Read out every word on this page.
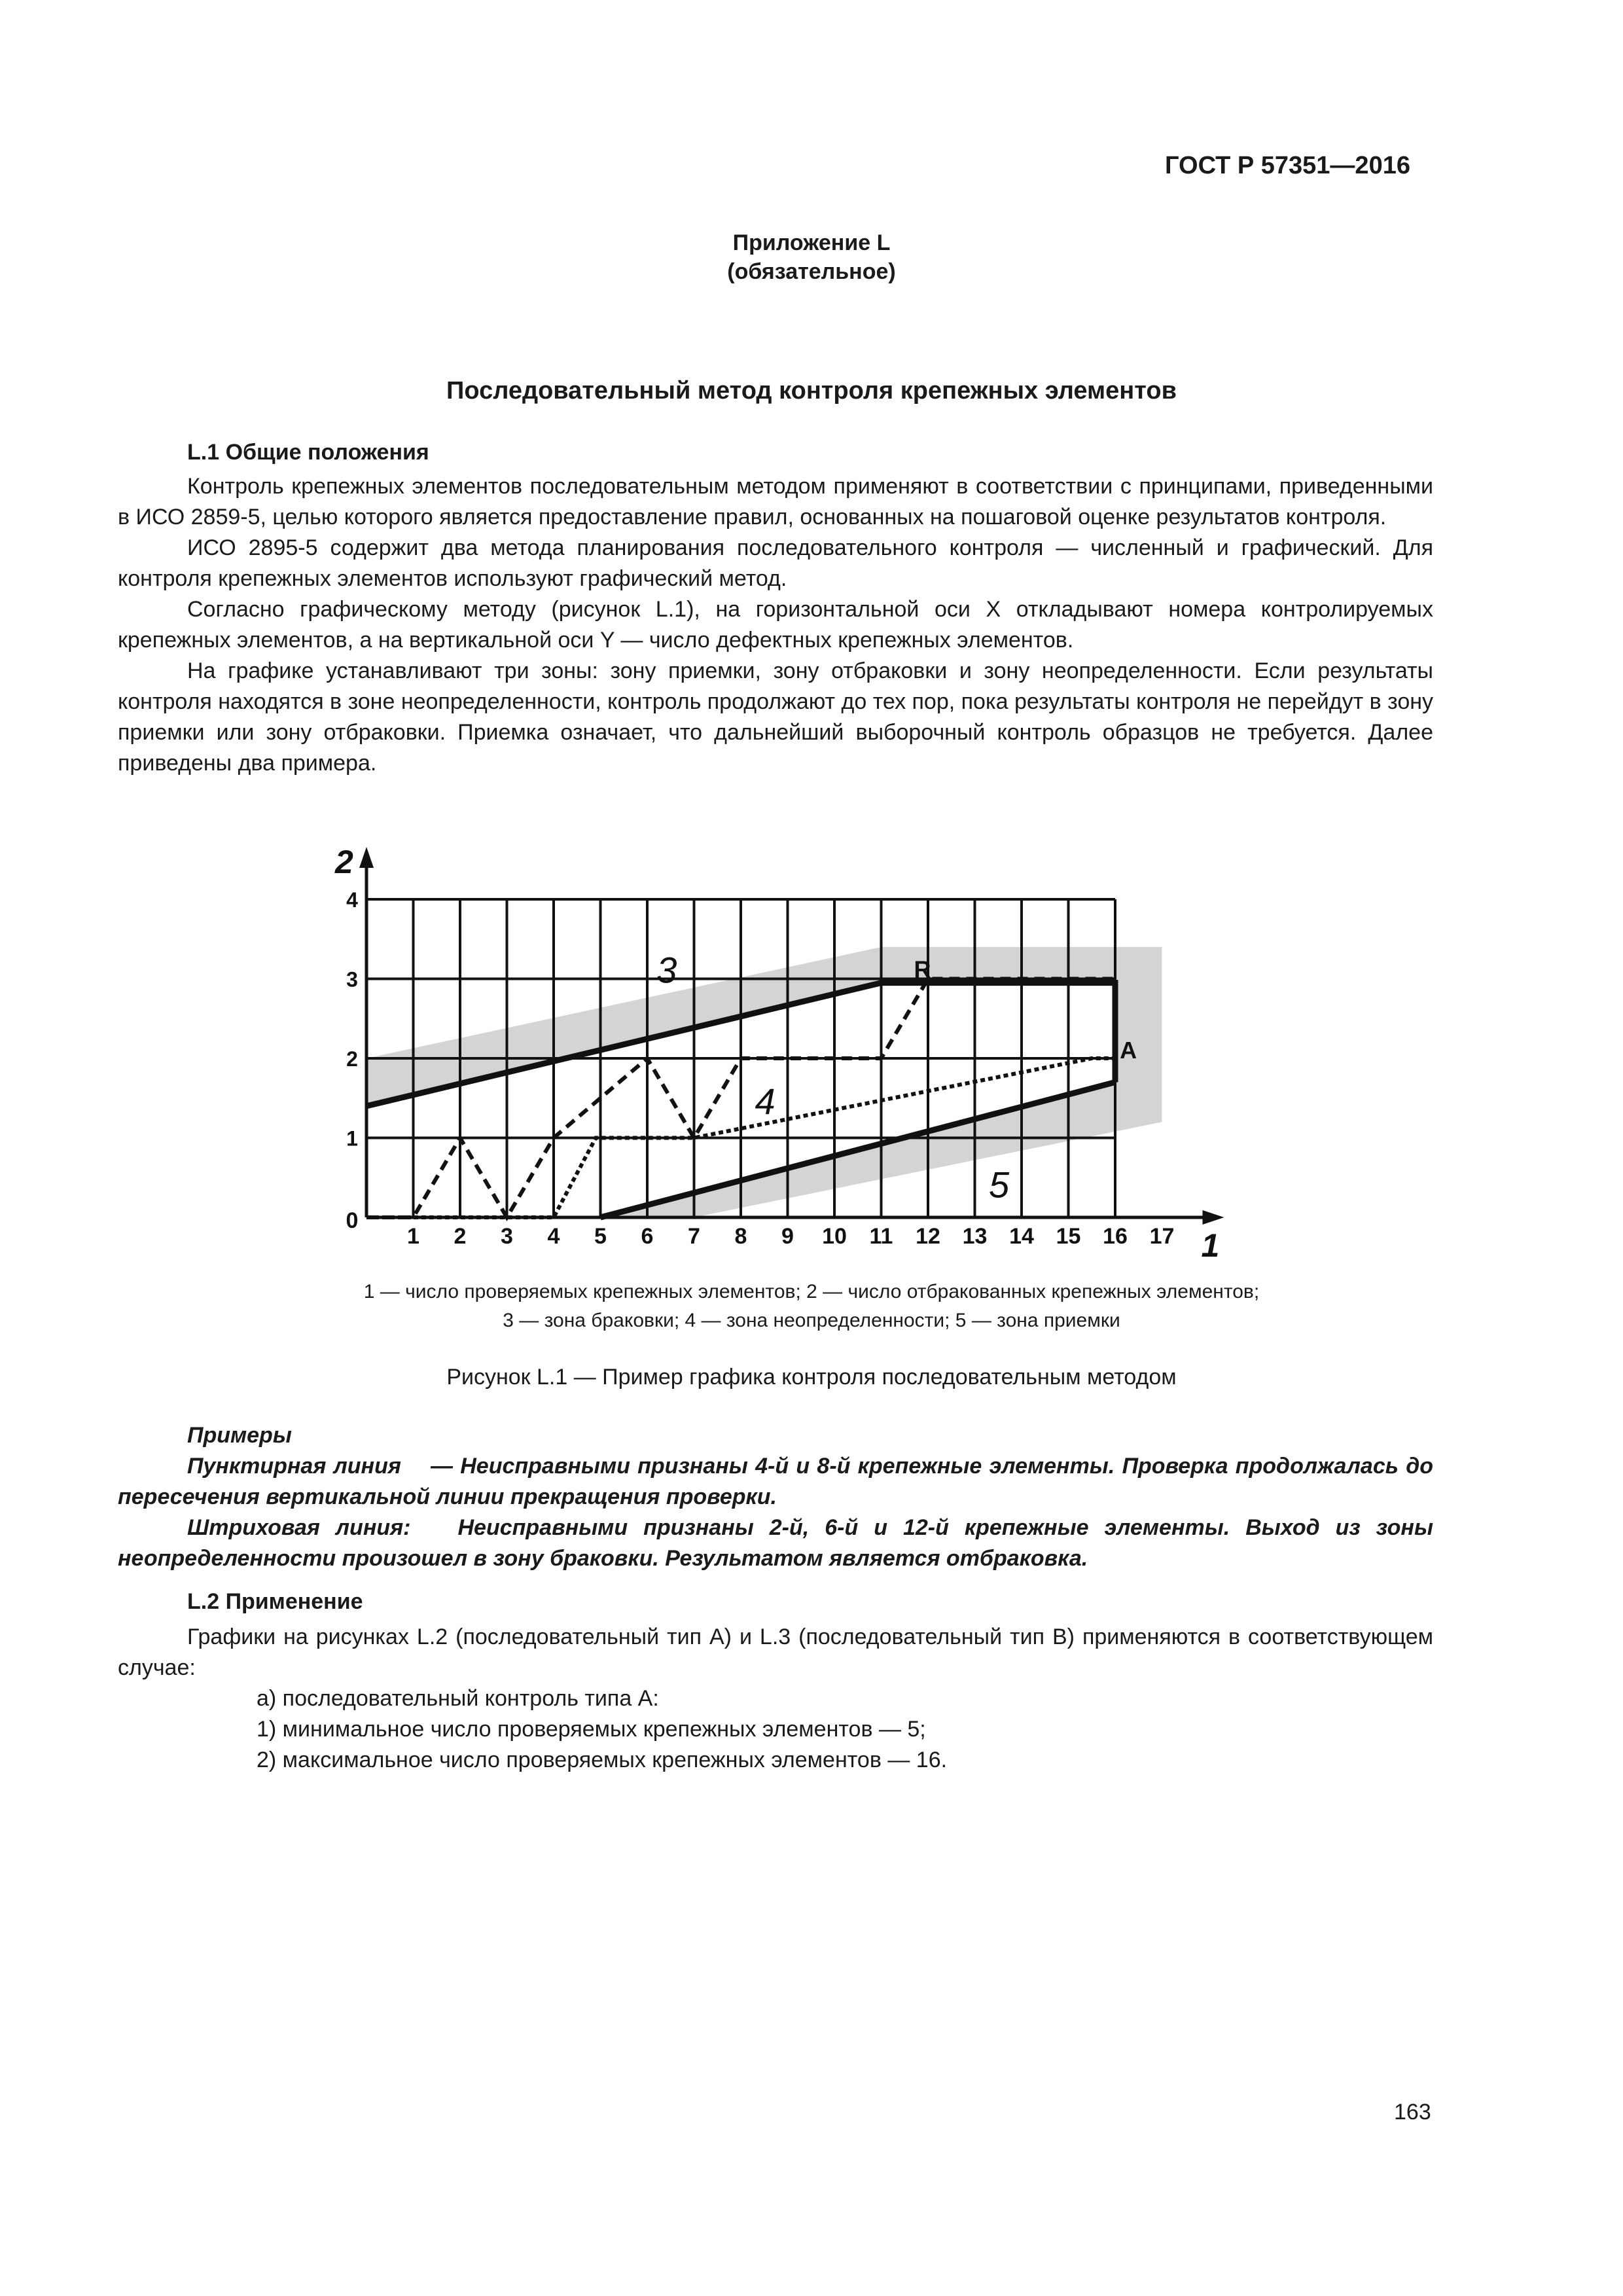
ГОСТ Р 57351—2016
Приложение L
(обязательное)
Последовательный метод контроля крепежных элементов
L.1 Общие положения

Контроль крепежных элементов последовательным методом применяют в соответствии с принципами, приведенными в ИСО 2859-5, целью которого является предоставление правил, основанных на пошаговой оценке результатов контроля.

ИСО 2895-5 содержит два метода планирования последовательного контроля — численный и графический. Для контроля крепежных элементов используют графический метод.

Согласно графическому методу (рисунок L.1), на горизонтальной оси X откладывают номера контролируемых крепежных элементов, а на вертикальной оси Y — число дефектных крепежных элементов.

На графике устанавливают три зоны: зону приемки, зону отбраковки и зону неопределенности. Если результаты контроля находятся в зоне неопределенности, контроль продолжают до тех пор, пока результаты контроля не перейдут в зону приемки или зону отбраковки. Приемка означает, что дальнейший выборочный контроль образцов не требуется. Далее приведены два примера.

1
2
1 2 3 4 5 6 7 8 9 10 11 12 13 14 15 16 17
0
1
2
3
4
3
4
5
R
A
1 — число проверяемых крепежных элементов; 2 — число отбракованных крепежных элементов;
3 — зона браковки; 4 — зона неопределенности; 5 — зона приемки
Рисунок L.1 — Пример графика контроля последовательным методом

Примеры

Пунктирная линия — Неисправными признаны 4-й и 8-й крепежные элементы. Проверка продолжалась до пересечения вертикальной линии прекращения проверки.

Штриховая линия: Неисправными признаны 2-й, 6-й и 12-й крепежные элементы. Выход из зоны неопределенности произошел в зону браковки. Результатом является отбраковка.

L.2 Применение

Графики на рисунках L.2 (последовательный тип А) и L.3 (последовательный тип В) применяются в соответствующем случае:

а) последовательный контроль типа А:

1) минимальное число проверяемых крепежных элементов — 5;

2) максимальное число проверяемых крепежных элементов — 16.

163
